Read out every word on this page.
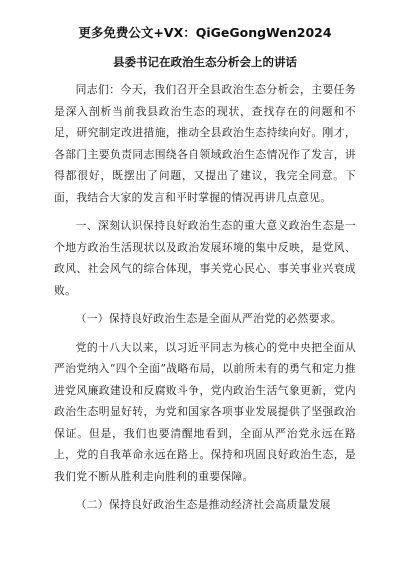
更多免费公文+VX：QiGeGongWen2024
县委书记在政治生态分析会上的讲话

同志们：今天，我们召开全县政治生态分析会，主要任务是深入剖析当前我县政治生态的现状，查找存在的问题和不足，研究制定改进措施，推动全县政治生态持续向好。刚才，各部门主要负责同志围绕各自领域政治生态情况作了发言，讲得都很好，既摆出了问题，又提出了建议，我完全同意。下面，我结合大家的发言和平时掌握的情况再讲几点意见。

一、深刻认识保持良好政治生态的重大意义政治生态是一个地方政治生活现状以及政治发展环境的集中反映，是党风、政风、社会风气的综合体现，事关党心民心、事关事业兴衰成败。

（一）保持良好政治生态是全面从严治党的必然要求。

党的十八大以来，以习近平同志为核心的党中央把全面从严治党纳入“四个全面”战略布局，以前所未有的勇气和定力推进党风廉政建设和反腐败斗争，党内政治生活气象更新，党内政治生态明显好转，为党和国家各项事业发展提供了坚强政治保证。但是，我们也要清醒地看到，全面从严治党永远在路上，党的自我革命永远在路上。保持和巩固良好政治生态，是我们党不断从胜利走向胜利的重要保障。

（二）保持良好政治生态是推动经济社会高质量发展
